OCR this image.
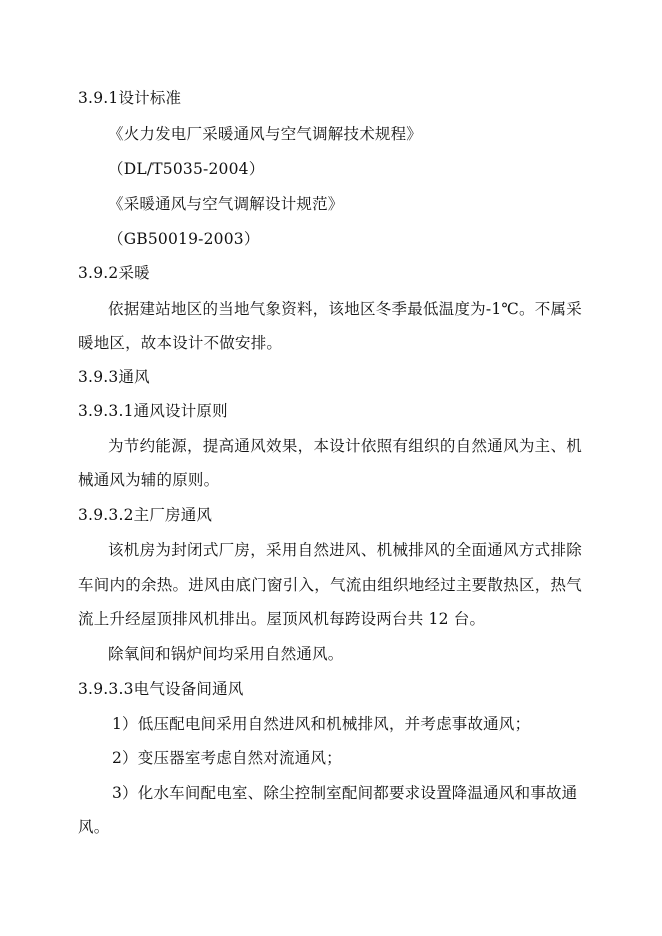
3.9.1设计标准
《火力发电厂采暖通风与空气调解技术规程》
（DL/T5035-2004）
《采暖通风与空气调解设计规范》
（GB50019-2003）
3.9.2采暖
依据建站地区的当地气象资料，该地区冬季最低温度为-1℃。不属采
暖地区，故本设计不做安排。
3.9.3通风
3.9.3.1通风设计原则
为节约能源，提高通风效果，本设计依照有组织的自然通风为主、机
械通风为辅的原则。
3.9.3.2主厂房通风
该机房为封闭式厂房，采用自然进风、机械排风的全面通风方式排除
车间内的余热。进风由底门窗引入，气流由组织地经过主要散热区，热气
流上升经屋顶排风机排出。屋顶风机每跨设两台共 12 台。
除氧间和锅炉间均采用自然通风。
3.9.3.3电气设备间通风
1）低压配电间采用自然进风和机械排风，并考虑事故通风；
2）变压器室考虑自然对流通风；
3）化水车间配电室、除尘控制室配间都要求设置降温通风和事故通
风。
